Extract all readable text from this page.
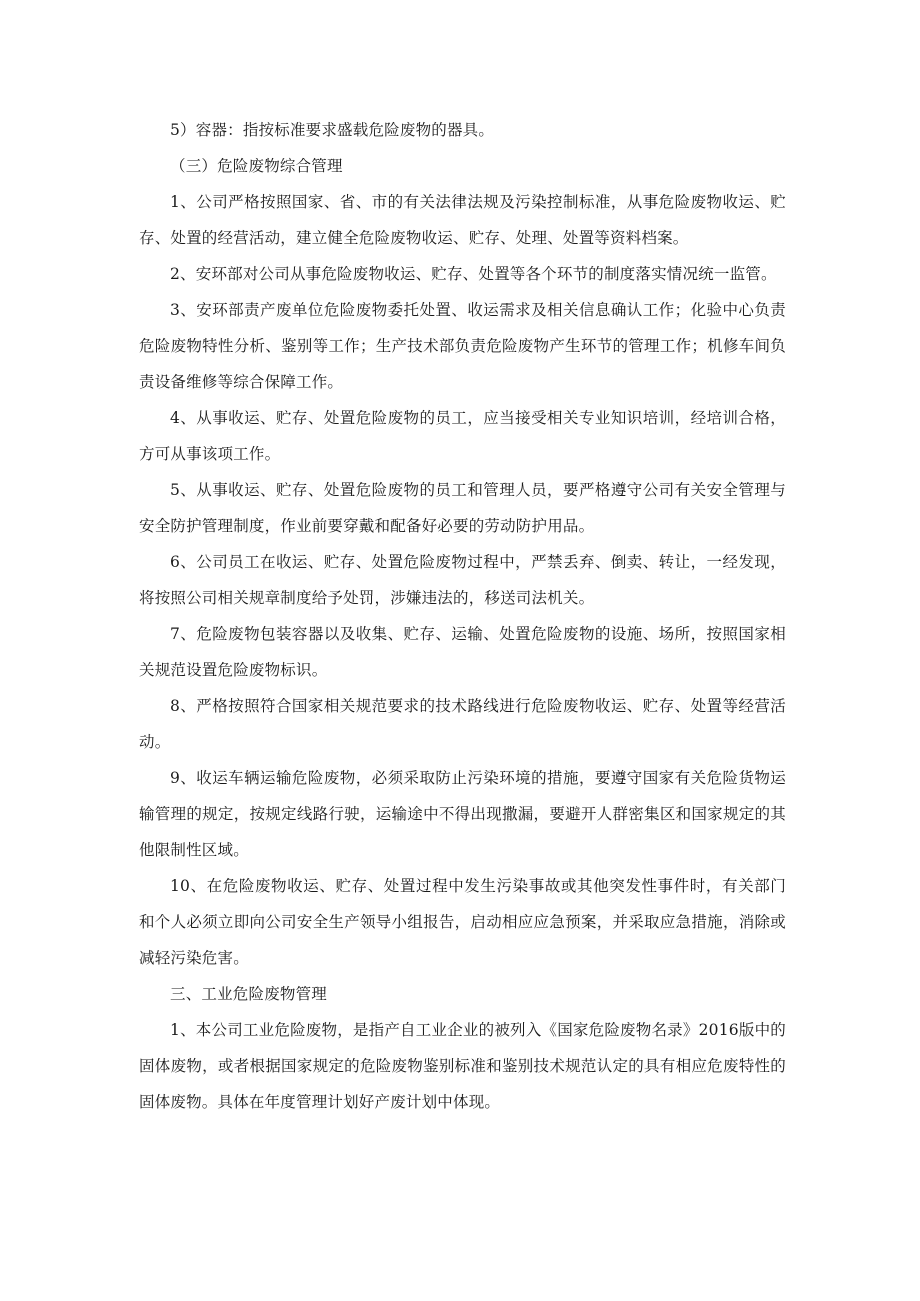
5）容器：指按标准要求盛载危险废物的器具。

（三）危险废物综合管理

1、公司严格按照国家、省、市的有关法律法规及污染控制标准，从事危险废物收运、贮存、处置的经营活动，建立健全危险废物收运、贮存、处理、处置等资料档案。

2、安环部对公司从事危险废物收运、贮存、处置等各个环节的制度落实情况统一监管。

3、安环部责产废单位危险废物委托处置、收运需求及相关信息确认工作；化验中心负责危险废物特性分析、鉴别等工作；生产技术部负责危险废物产生环节的管理工作；机修车间负责设备维修等综合保障工作。

4、从事收运、贮存、处置危险废物的员工，应当接受相关专业知识培训，经培训合格，方可从事该项工作。

5、从事收运、贮存、处置危险废物的员工和管理人员，要严格遵守公司有关安全管理与安全防护管理制度，作业前要穿戴和配备好必要的劳动防护用品。

6、公司员工在收运、贮存、处置危险废物过程中，严禁丢弃、倒卖、转让，一经发现，将按照公司相关规章制度给予处罚，涉嫌违法的，移送司法机关。

7、危险废物包装容器以及收集、贮存、运输、处置危险废物的设施、场所，按照国家相关规范设置危险废物标识。

8、严格按照符合国家相关规范要求的技术路线进行危险废物收运、贮存、处置等经营活动。

9、收运车辆运输危险废物，必须采取防止污染环境的措施，要遵守国家有关危险货物运输管理的规定，按规定线路行驶，运输途中不得出现撒漏，要避开人群密集区和国家规定的其他限制性区域。

10、在危险废物收运、贮存、处置过程中发生污染事故或其他突发性事件时，有关部门和个人必须立即向公司安全生产领导小组报告，启动相应应急预案，并采取应急措施，消除或减轻污染危害。

三、工业危险废物管理

1、本公司工业危险废物，是指产自工业企业的被列入《国家危险废物名录》2016版中的固体废物，或者根据国家规定的危险废物鉴别标准和鉴别技术规范认定的具有相应危废特性的固体废物。具体在年度管理计划好产废计划中体现。
